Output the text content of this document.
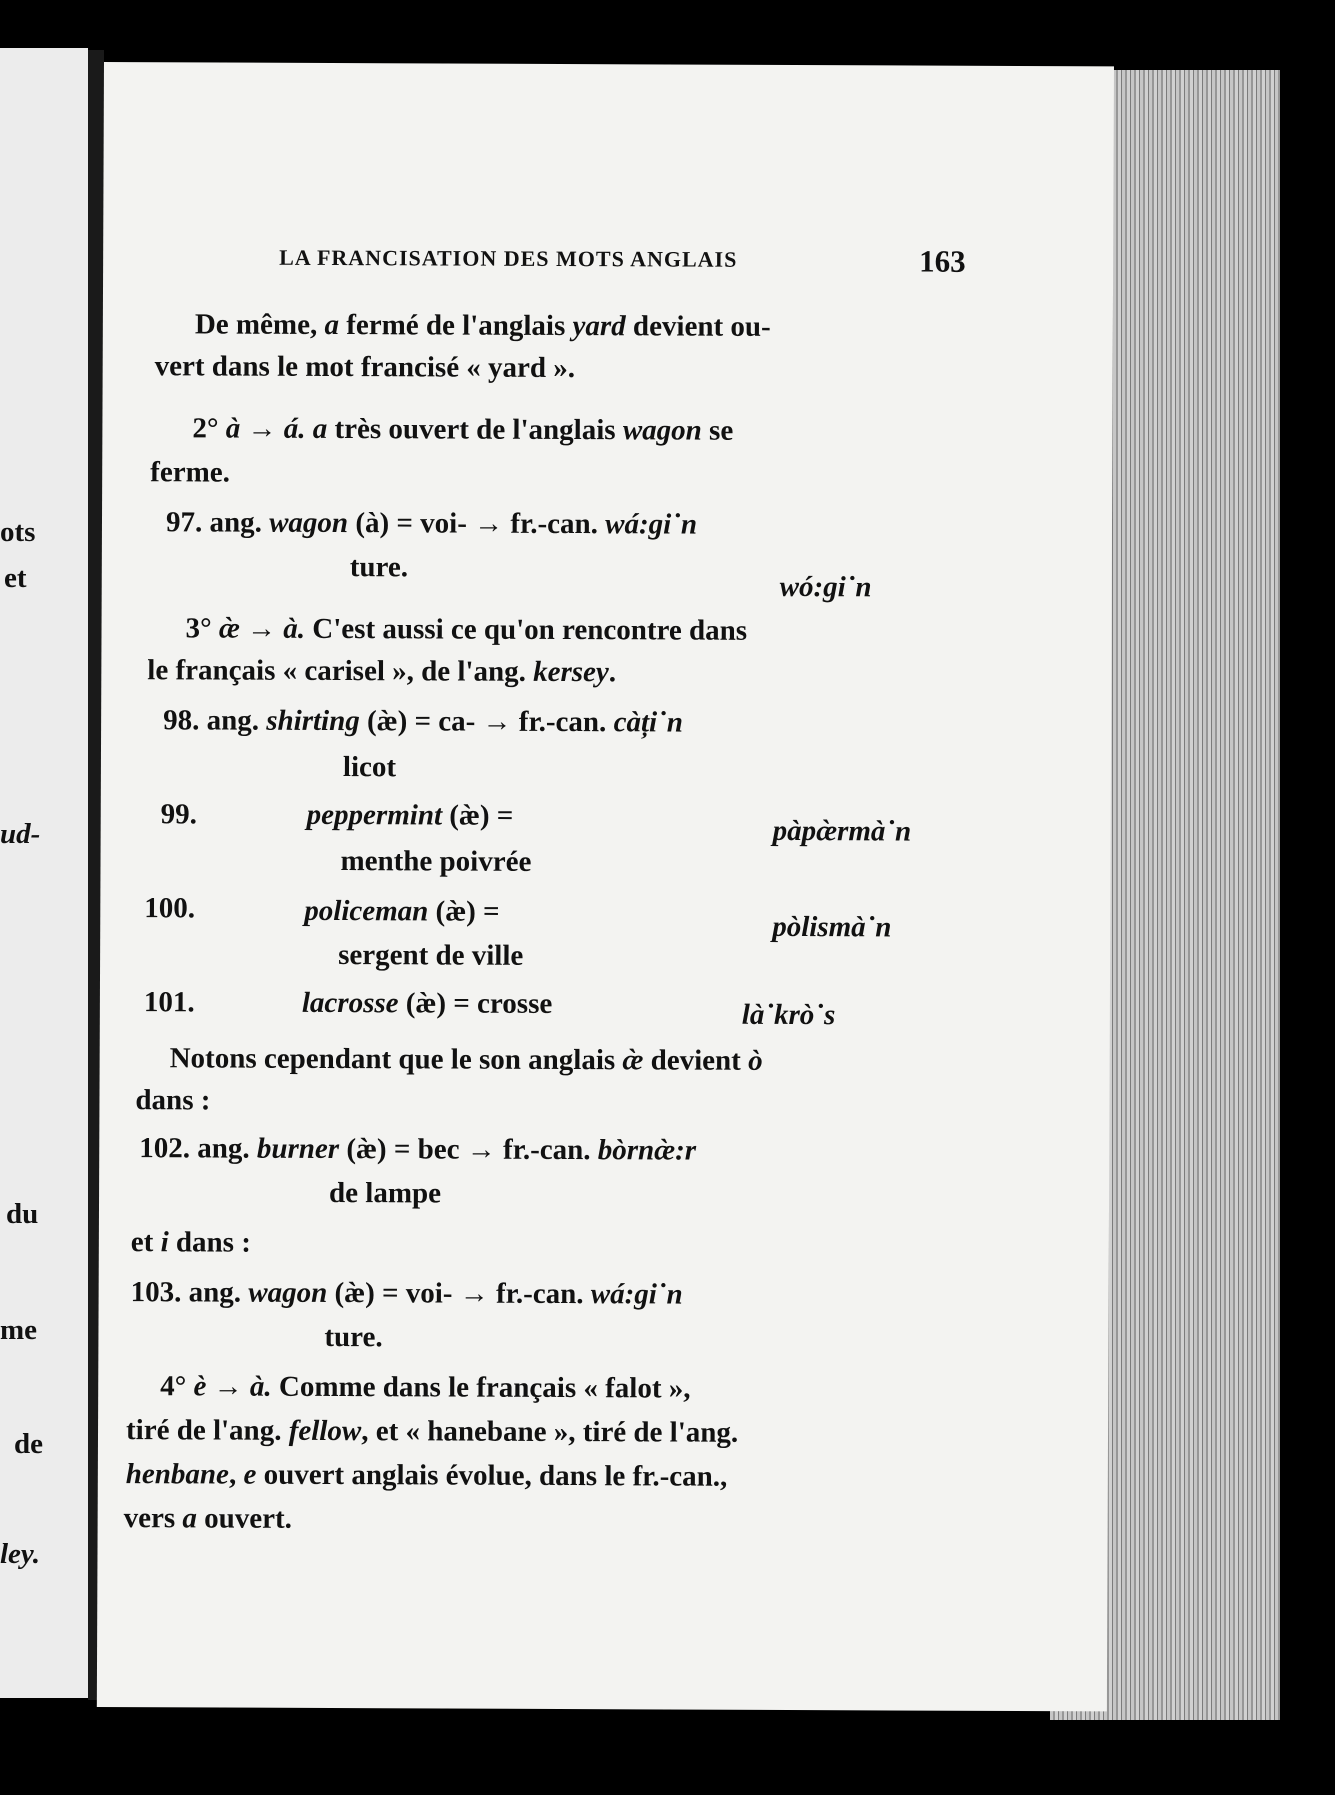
ots
et
ud-
du
me
de
ley.
LA FRANCISATION DES MOTS ANGLAIS	163
De même, a fermé de l'anglais yard devient ou-
vert dans le mot francisé « yard ».
2° à → á. a très ouvert de l'anglais wagon se
ferme.
97. ang. wagon (à) = voi- → fr.-can. wá:gi˙n
ture.
wó:gi˙n
3° æ̀ → à. C'est aussi ce qu'on rencontre dans
le français « carisel », de l'ang. kersey.
98. ang. shirting (æ̀) = ca- → fr.-can. càți˙n
licot
99.	peppermint (æ̀) =	pàpæ̀rmà˙n
menthe poivrée
100.	policeman (æ̀) =	pòlismà˙n
sergent de ville
101.	lacrosse (æ̀) = crosse	là˙krò˙s
Notons cependant que le son anglais æ̀ devient ò
dans :
102. ang. burner (æ̀) = bec → fr.-can. bòrnæ̀:r
de lampe
et i dans :
103. ang. wagon (æ̀) = voi- → fr.-can. wá:gi˙n
ture.
4° è → à. Comme dans le français « falot »,
tiré de l'ang. fellow, et « hanebane », tiré de l'ang.
henbane, e ouvert anglais évolue, dans le fr.-can.,
vers a ouvert.
